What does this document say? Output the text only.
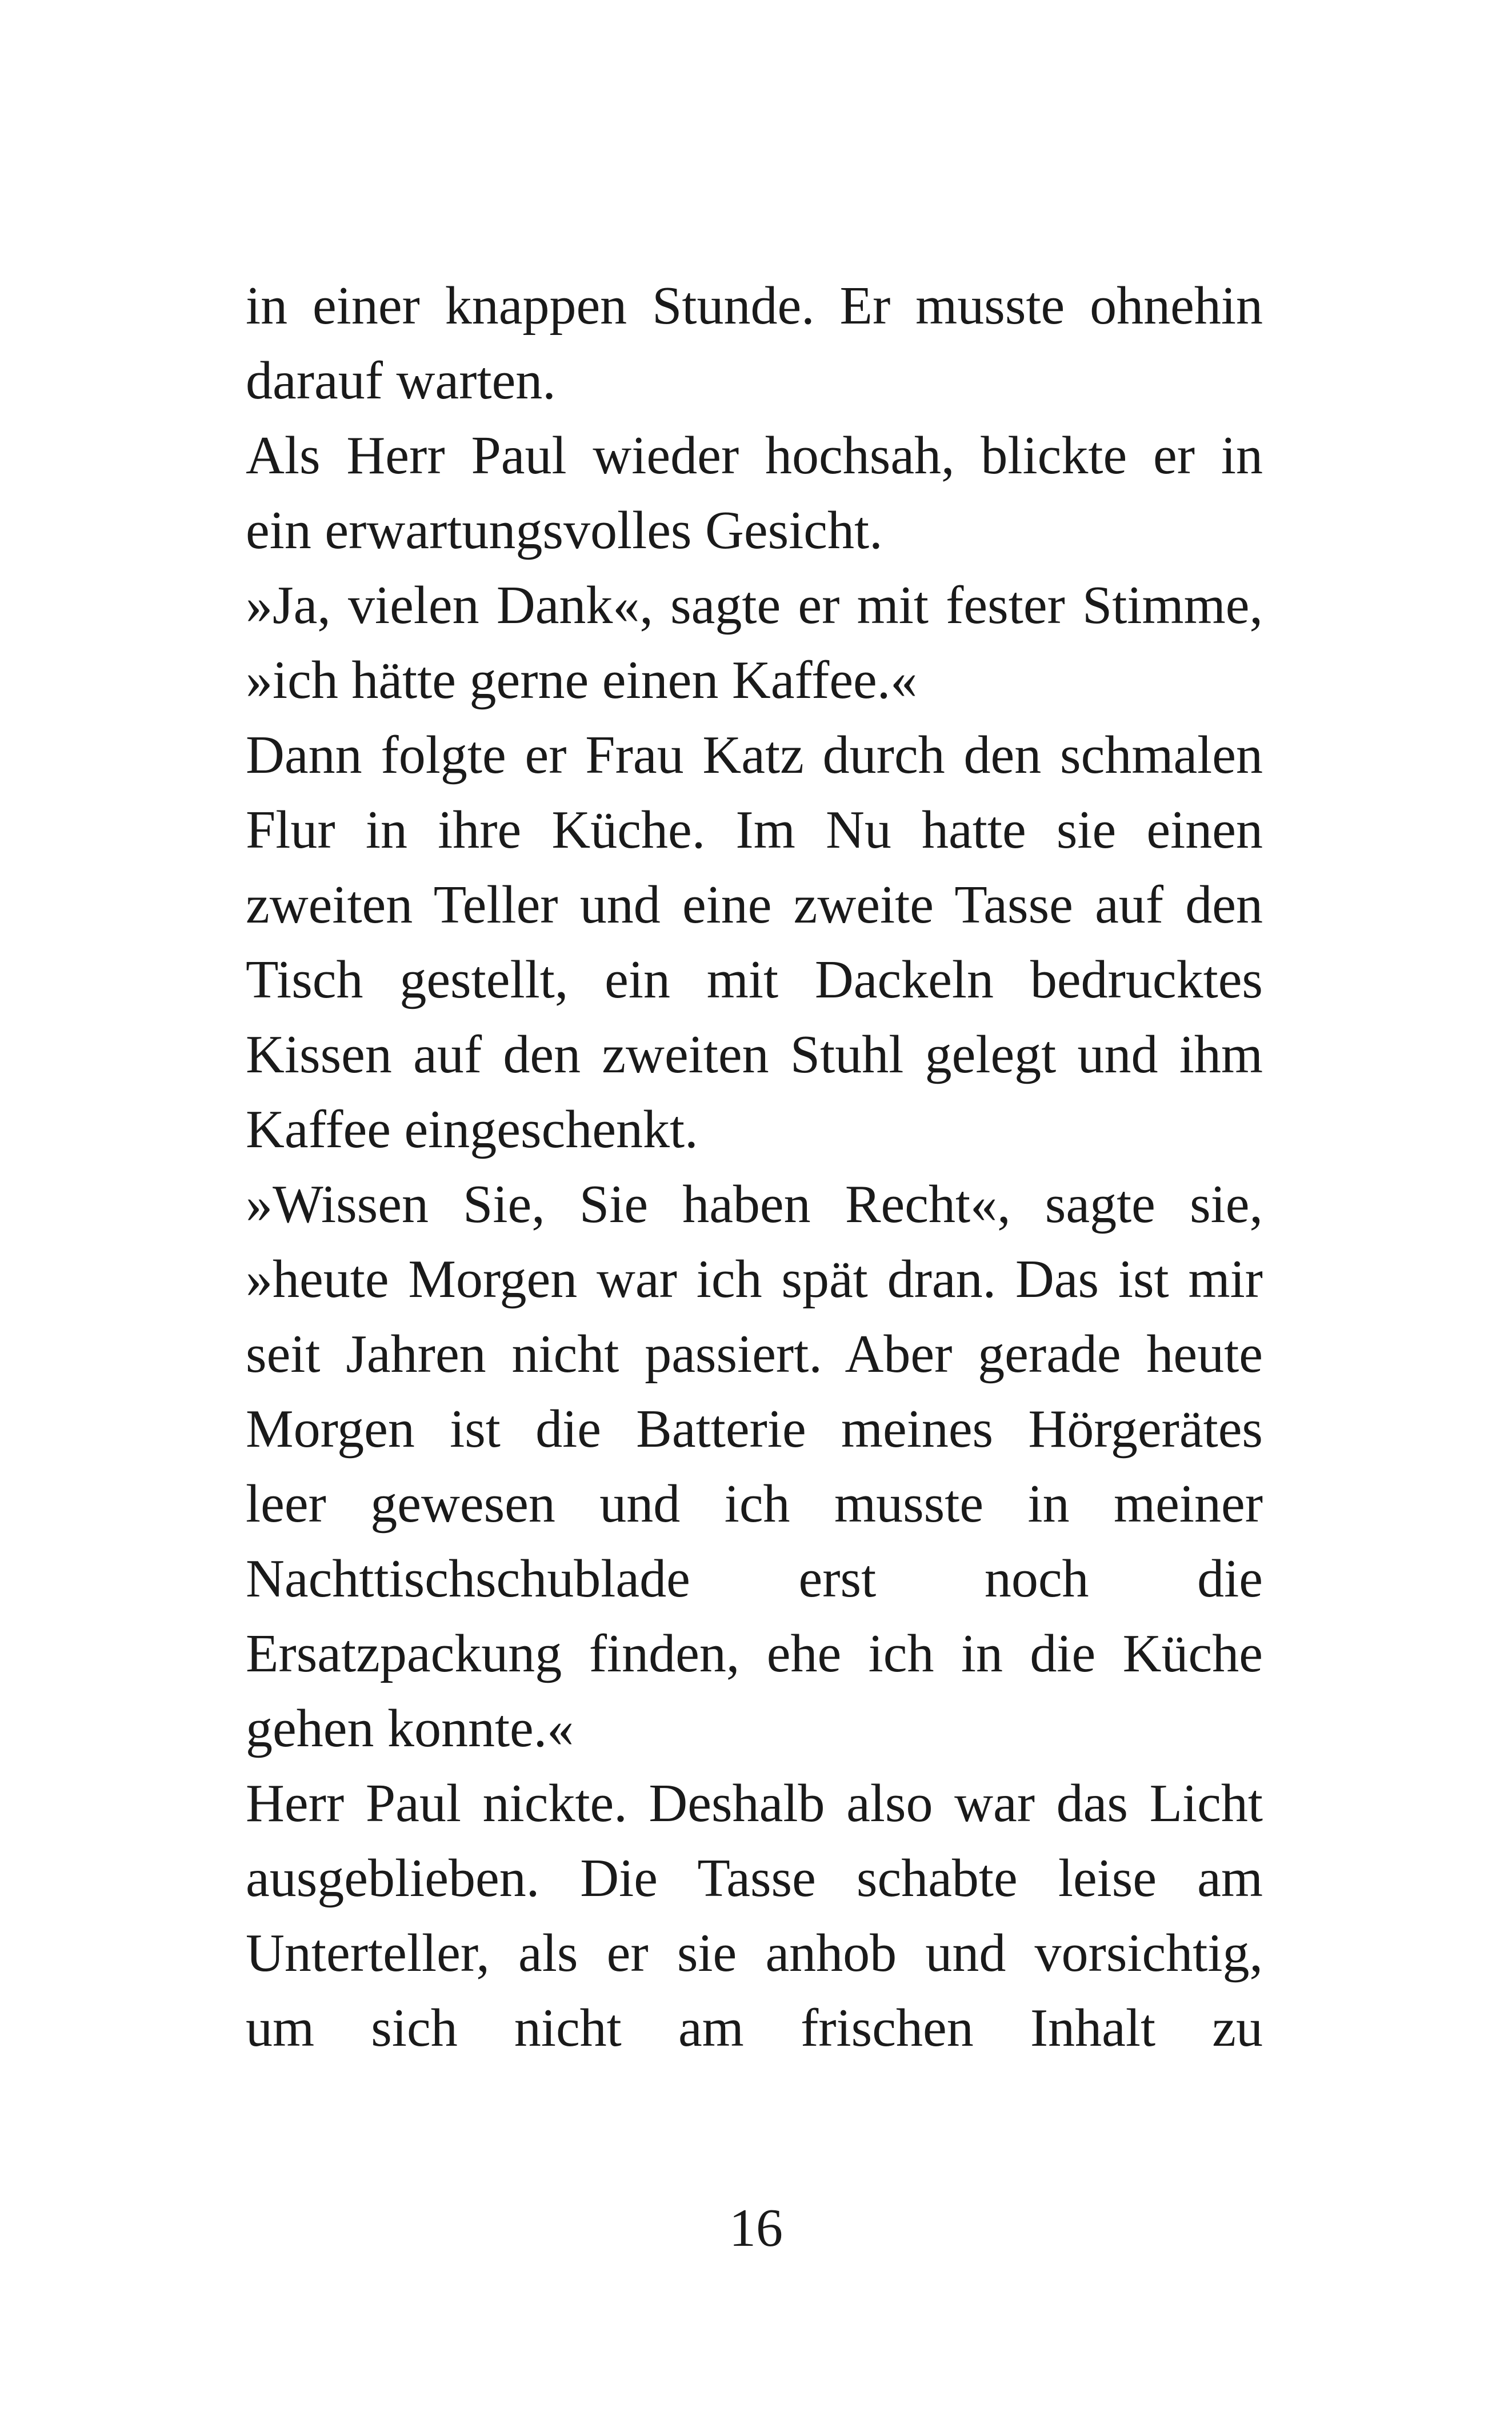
in einer knappen Stunde. Er musste ohnehin
darauf warten.
Als Herr Paul wieder hochsah, blickte er in
ein erwartungsvolles Gesicht.
»Ja, vielen Dank«, sagte er mit fester Stimme,
»ich hätte gerne einen Kaffee.«
Dann folgte er Frau Katz durch den schmalen
Flur in ihre Küche. Im Nu hatte sie einen
zweiten Teller und eine zweite Tasse auf den
Tisch gestellt, ein mit Dackeln bedrucktes
Kissen auf den zweiten Stuhl gelegt und ihm
Kaffee eingeschenkt.
»Wissen Sie, Sie haben Recht«, sagte sie,
»heute Morgen war ich spät dran. Das ist mir
seit Jahren nicht passiert. Aber gerade heute
Morgen ist die Batterie meines Hörgerätes
leer gewesen und ich musste in meiner
Nachttischschublade erst noch die
Ersatzpackung finden, ehe ich in die Küche
gehen konnte.«
Herr Paul nickte. Deshalb also war das Licht
ausgeblieben. Die Tasse schabte leise am
Unterteller, als er sie anhob und vorsichtig,
um sich nicht am frischen Inhalt zu
16
